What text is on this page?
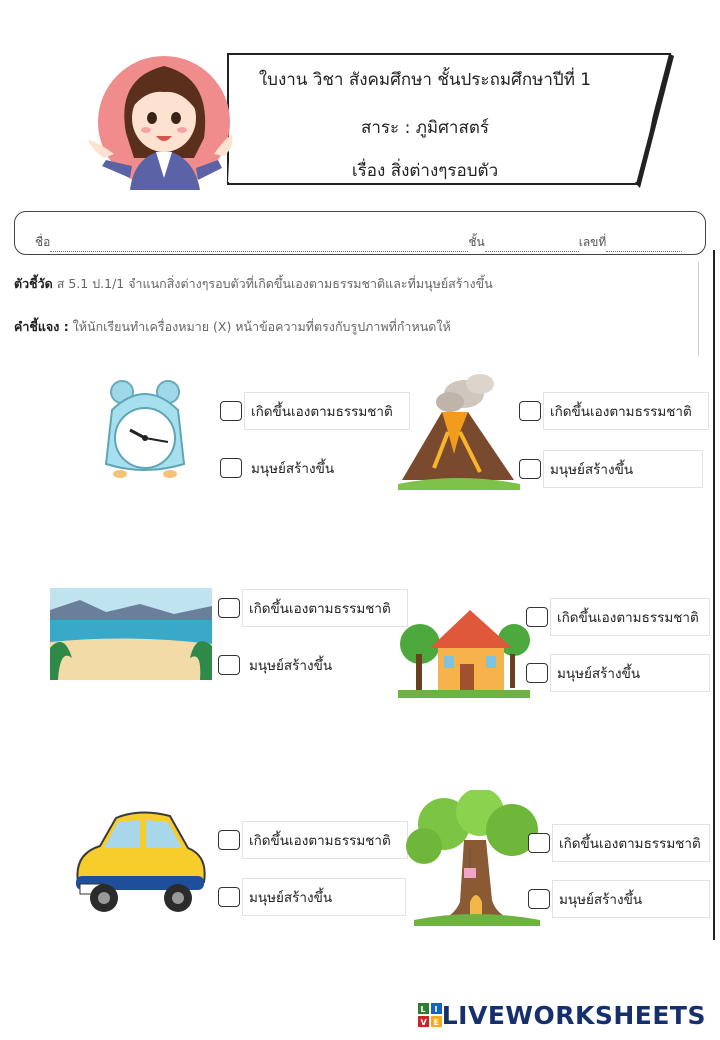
ใบงาน วิชา สังคมศึกษา ชั้นประถมศึกษาปีที่ 1
สาระ : ภูมิศาสตร์
เรื่อง สิ่งต่างๆรอบตัว
ชื่อ	ชั้น	เลขที่
ตัวชี้วัด ส 5.1 ป.1/1 จำแนกสิ่งต่างๆรอบตัวที่เกิดขึ้นเองตามธรรมชาติและที่มนุษย์สร้างขึ้น
คำชี้แจง : ให้นักเรียนทำเครื่องหมาย (X) หน้าข้อความที่ตรงกับรูปภาพที่กำหนดให้
เกิดขึ้นเองตามธรรมชาติ
มนุษย์สร้างขึ้น
เกิดขึ้นเองตามธรรมชาติ
มนุษย์สร้างขึ้น
เกิดขึ้นเองตามธรรมชาติ
มนุษย์สร้างขึ้น
เกิดขึ้นเองตามธรรมชาติ
มนุษย์สร้างขึ้น
เกิดขึ้นเองตามธรรมชาติ
มนุษย์สร้างขึ้น
เกิดขึ้นเองตามธรรมชาติ
มนุษย์สร้างขึ้น
L I
V E LIVEWORKSHEETS
